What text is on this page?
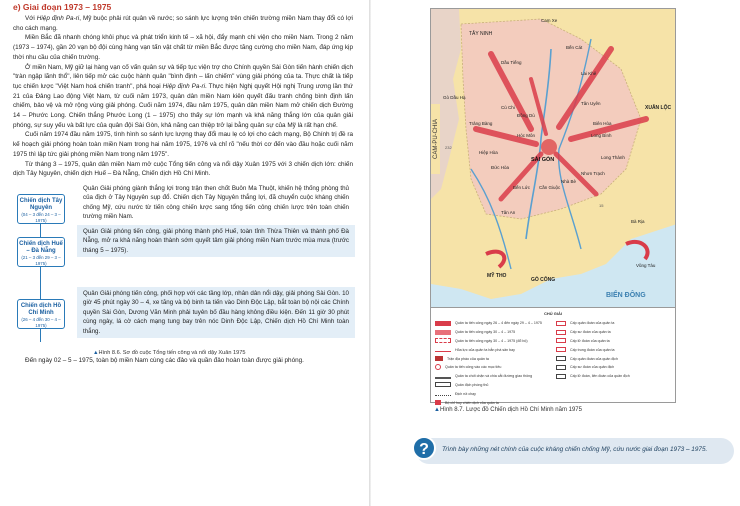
e) Giai đoạn 1973 – 1975

Với Hiệp định Pa-ri, Mỹ buộc phải rút quân về nước; so sánh lực lượng trên chiến trường miền Nam thay đổi có lợi cho cách mạng.

Miền Bắc đã nhanh chóng khôi phục và phát triển kinh tế – xã hội, đẩy mạnh chi viện cho miền Nam. Trong 2 năm (1973 – 1974), gần 20 vạn bộ đội cùng hàng vạn tấn vật chất từ miền Bắc được tăng cường cho miền Nam, đáp ứng kịp thời nhu cầu của chiến trường.

Ở miền Nam, Mỹ giữ lại hàng vạn cố vấn quân sự và tiếp tục viện trợ cho Chính quyền Sài Gòn tiến hành chiến dịch "tràn ngập lãnh thổ", liên tiếp mở các cuộc hành quân "bình định – lấn chiếm" vùng giải phóng của ta. Thực chất là tiếp tục chiến lược "Việt Nam hoá chiến tranh", phá hoại Hiệp định Pa-ri. Thực hiện Nghị quyết Hội nghị Trung ương lần thứ 21 của Đảng Lao động Việt Nam, từ cuối năm 1973, quân dân miền Nam kiên quyết đấu tranh chống bình định lấn chiếm, bảo vệ và mở rộng vùng giải phóng. Cuối năm 1974, đầu năm 1975, quân dân miền Nam mở chiến dịch Đường 14 – Phước Long. Chiến thắng Phước Long (1 – 1975) cho thấy sự lớn mạnh và khả năng thắng lớn của quân giải phóng, sự suy yếu và bất lực của quân đội Sài Gòn, khả năng can thiệp trở lại bằng quân sự của Mỹ là rất hạn chế.

Cuối năm 1974 đầu năm 1975, tình hình so sánh lực lượng thay đổi mau lẹ có lợi cho cách mạng, Bộ Chính trị đề ra kế hoạch giải phóng hoàn toàn miền Nam trong hai năm 1975, 1976 và chỉ rõ "nếu thời cơ đến vào đầu hoặc cuối năm 1975 thì lập tức giải phóng miền Nam trong năm 1975".

Từ tháng 3 – 1975, quân dân miền Nam mở cuộc Tổng tiến công và nổi dậy Xuân 1975 với 3 chiến dịch lớn: chiến dịch Tây Nguyên, chiến dịch Huế – Đà Nẵng, Chiến dịch Hồ Chí Minh.

Chiến dịch Tây Nguyên
(04 – 3 đến 24 – 3 – 1975)
Quân Giải phóng giành thắng lợi trong trận then chốt Buôn Ma Thuột, khiến hệ thống phòng thủ của địch ở Tây Nguyên sụp đổ. Chiến dịch Tây Nguyên thắng lợi, đã chuyển cuộc kháng chiến chống Mỹ, cứu nước từ tiến công chiến lược sang tổng tiến công chiến lược trên toàn chiến trường miền Nam.
Chiến dịch Huế – Đà Nẵng
(21 – 3 đến 29 – 3 – 1975)
Quân Giải phóng tiến công, giải phóng thành phố Huế, toàn tỉnh Thừa Thiên và thành phố Đà Nẵng, mở ra khả năng hoàn thành sớm quyết tâm giải phóng miền Nam trước mùa mưa (trước tháng 5 – 1975).
Chiến dịch Hồ Chí Minh
(26 – 4 đến 30 – 4 – 1975)
Quân Giải phóng tiến công, phối hợp với các tầng lớp, nhân dân nổi dậy, giải phóng Sài Gòn. 10 giờ 45 phút ngày 30 – 4, xe tăng và bộ binh ta tiến vào Dinh Độc Lập, bắt toàn bộ nội các Chính quyền Sài Gòn, Dương Văn Minh phải tuyên bố đầu hàng không điều kiện. Đến 11 giờ 30 phút cùng ngày, lá cờ cách mạng tung bay trên nóc Dinh Độc Lập, Chiến dịch Hồ Chí Minh toàn thắng.
▲Hình 8.6. Sơ đồ cuộc Tổng tiến công và nổi dậy Xuân 1975

Đến ngày 02 – 5 – 1975, toàn bộ miền Nam cùng các đảo và quần đảo hoàn toàn được giải phóng.

CAM-PU-CHIA
TÂY NINH
Cam Xe
Bến Cát
Dầu Tiếng
Trảng Bàng
Gò Dầu Hạ
Củ Chi
Đồng Dù
Lai Khê
Tân Uyên
Biên Hòa
XUÂN LỘC
Long Bình
Hóc Môn
SÀI GÒN	Long Thành
Nhơn Trạch
Cần Giuộc
Nhà Bè
Hiệp Hòa
Đức Hòa
Bến Lức
Tân An
MỸ THO
GÒ CÔNG
Vũng Tàu
Bà Rịa
BIỂN ĐÔNG
232
15
CHÚ GIẢI
Quân ta tiến công ngày 26 – 4 đến ngày 29 – 4 – 1975
Quân ta tiến công ngày 30 – 4 – 1975
Quân ta tiến công ngày 30 – 4 – 1975 (đổ bộ)
Hỏa lực của quân ta bắn phá sân bay
Trận địa pháo của quân ta
Quân ta tiến công vào các mục tiêu
Quân ta chốt chặn và chia cắt đường giao thông
Quân địch phòng thủ
Địch rút chạy
Bộ chỉ huy chiến dịch của quân ta
Cấp quân đoàn của quân ta
Cấp sư đoàn của quân ta
Cấp lữ đoàn của quân ta
Cấp trung đoàn của quân ta
Cấp quân đoàn của quân địch
Cấp sư đoàn của quân địch
Cấp lữ đoàn, liên đoàn của quân địch
▲Hình 8.7. Lược đồ Chiến dịch Hồ Chí Minh năm 1975
?	Trình bày những nét chính của cuộc kháng chiến chống Mỹ, cứu nước giai đoạn 1973 – 1975.
